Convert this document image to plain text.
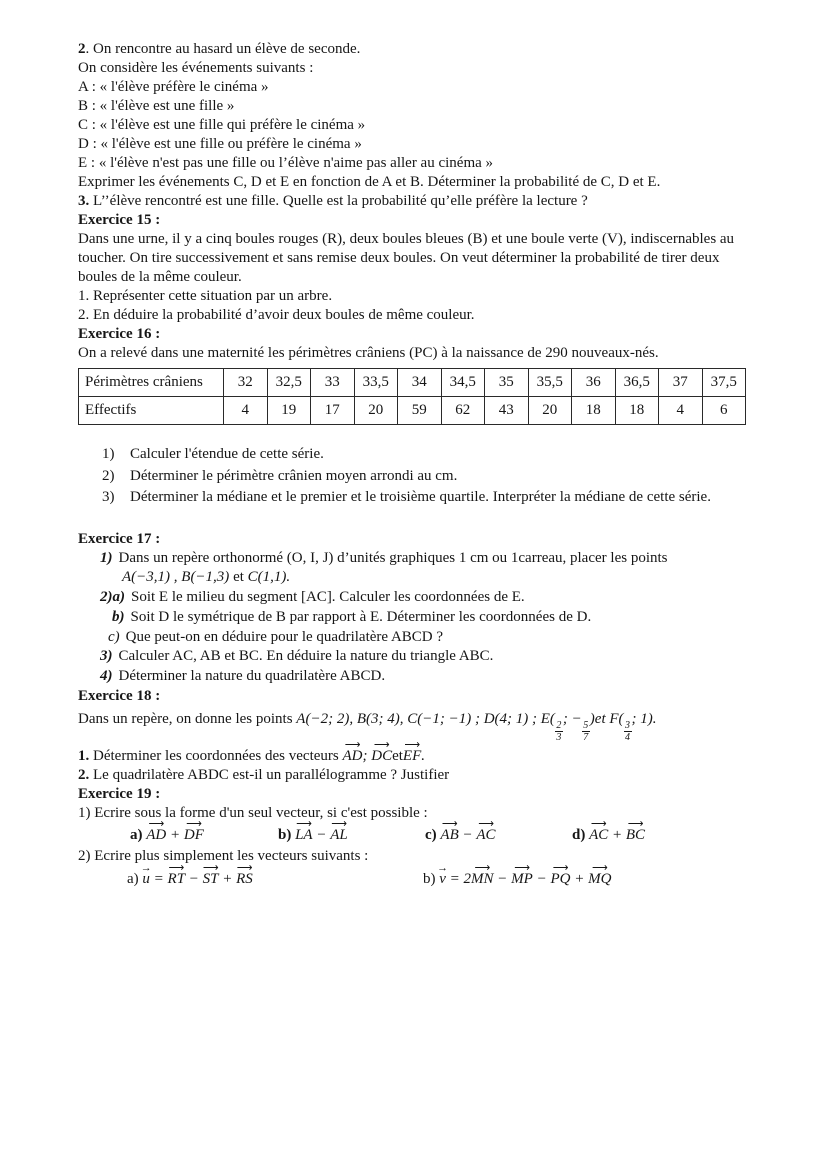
2. On rencontre au hasard un élève de seconde.

On considère les événements suivants :

A : « l'élève préfère le cinéma »

B : « l'élève est une fille »

C : « l'élève est une fille qui préfère le cinéma »

D : « l'élève est une fille ou préfère le cinéma »

E : « l'élève n'est pas une fille ou l’élève n'aime pas aller au cinéma »

Exprimer les événements C, D et E en fonction de A et B. Déterminer la probabilité de C, D et E.

3. L’’élève rencontré est une fille. Quelle est la probabilité qu’elle préfère la lecture ?

Exercice 15 :

Dans une urne, il y a cinq boules rouges (R), deux boules bleues (B) et une boule verte (V), indiscernables au toucher. On tire successivement et sans remise deux boules. On veut déterminer la probabilité de tirer deux boules de la même couleur.

1. Représenter cette situation par un arbre.

2. En déduire la probabilité d’avoir deux boules de même couleur.

Exercice 16 :

On a relevé dans une maternité les périmètres crâniens (PC) à la naissance de 290 nouveaux-nés.

Périmètres crâniens	32	32,5	33	33,5	34	34,5	35	35,5	36	36,5	37	37,5
Effectifs	4	19	17	20	59	62	43	20	18	18	4	6
1)	Calculer l'étendue de cette série.
2)	Déterminer le périmètre crânien moyen arrondi au cm.
3)	Déterminer la médiane et le premier et le troisième quartile. Interpréter la médiane de cette série.

Exercice 17 :

1) Dans un repère orthonormé (O, I, J) d’unités graphiques 1 cm ou 1carreau, placer les points
A(−3,1) , B(−1,3) et C(1,1).
2)a) Soit E le milieu du segment [AC]. Calculer les coordonnées de E.
b) Soit D le symétrique de B par rapport à E. Déterminer les coordonnées de D.
c) Que peut-on en déduire pour le quadrilatère ABCD ?
3) Calculer AC, AB et BC. En déduire la nature du triangle ABC.
4) Déterminer la nature du quadrilatère ABCD.

Exercice 18 :

Dans un repère, on donne les points A(−2; 2), B(3; 4), C(−1; −1) ; D(4; 1) ; E(
$\frac{2}{3}$
; −
$\frac{5}{7}$
)et F(
$\frac{3}{4}$
; 1).

1. Déterminer les coordonnées des vecteurs AD ⟶; DC ⟶etEF ⟶.

2. Le quadrilatère ABDC est-il un parallélogramme ? Justifier

Exercice 19 :

1) Ecrire sous la forme d'un seul vecteur, si c'est possible :

a) AD ⟶ + DF ⟶	b) LA ⟶ − AL ⟶	c) AB ⟶ − AC ⟶	d) AC ⟶ + BC ⟶

2) Ecrire plus simplement les vecteurs suivants :

a) u → = RT ⟶ − ST ⟶ + RS ⟶	b) v → = 2MN ⟶ − MP ⟶ − PQ ⟶ + MQ ⟶
